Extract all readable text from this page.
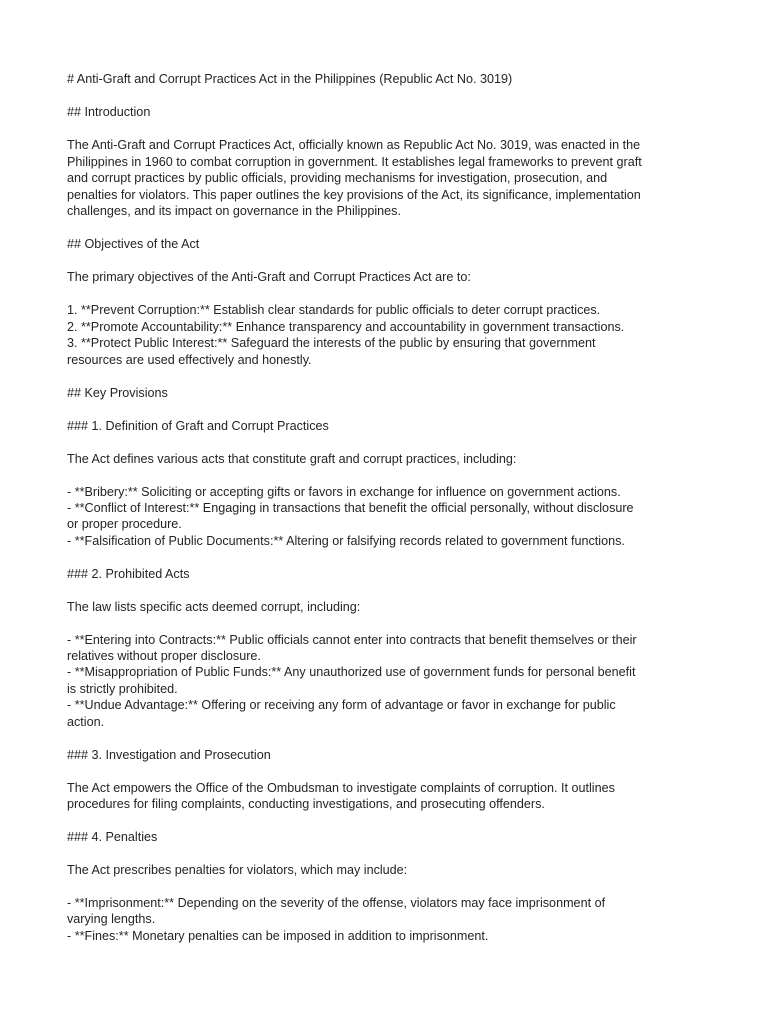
# Anti-Graft and Corrupt Practices Act in the Philippines (Republic Act No. 3019)

## Introduction

The Anti-Graft and Corrupt Practices Act, officially known as Republic Act No. 3019, was enacted in the

Philippines in 1960 to combat corruption in government. It establishes legal frameworks to prevent graft

and corrupt practices by public officials, providing mechanisms for investigation, prosecution, and

penalties for violators. This paper outlines the key provisions of the Act, its significance, implementation

challenges, and its impact on governance in the Philippines.

## Objectives of the Act

The primary objectives of the Anti-Graft and Corrupt Practices Act are to:

1. **Prevent Corruption:** Establish clear standards for public officials to deter corrupt practices.

2. **Promote Accountability:** Enhance transparency and accountability in government transactions.

3. **Protect Public Interest:** Safeguard the interests of the public by ensuring that government

resources are used effectively and honestly.

## Key Provisions

### 1. Definition of Graft and Corrupt Practices

The Act defines various acts that constitute graft and corrupt practices, including:

- **Bribery:** Soliciting or accepting gifts or favors in exchange for influence on government actions.

- **Conflict of Interest:** Engaging in transactions that benefit the official personally, without disclosure

or proper procedure.

- **Falsification of Public Documents:** Altering or falsifying records related to government functions.

### 2. Prohibited Acts

The law lists specific acts deemed corrupt, including:

- **Entering into Contracts:** Public officials cannot enter into contracts that benefit themselves or their

relatives without proper disclosure.

- **Misappropriation of Public Funds:** Any unauthorized use of government funds for personal benefit

is strictly prohibited.

- **Undue Advantage:** Offering or receiving any form of advantage or favor in exchange for public

action.

### 3. Investigation and Prosecution

The Act empowers the Office of the Ombudsman to investigate complaints of corruption. It outlines

procedures for filing complaints, conducting investigations, and prosecuting offenders.

### 4. Penalties

The Act prescribes penalties for violators, which may include:

- **Imprisonment:** Depending on the severity of the offense, violators may face imprisonment of

varying lengths.

- **Fines:** Monetary penalties can be imposed in addition to imprisonment.
